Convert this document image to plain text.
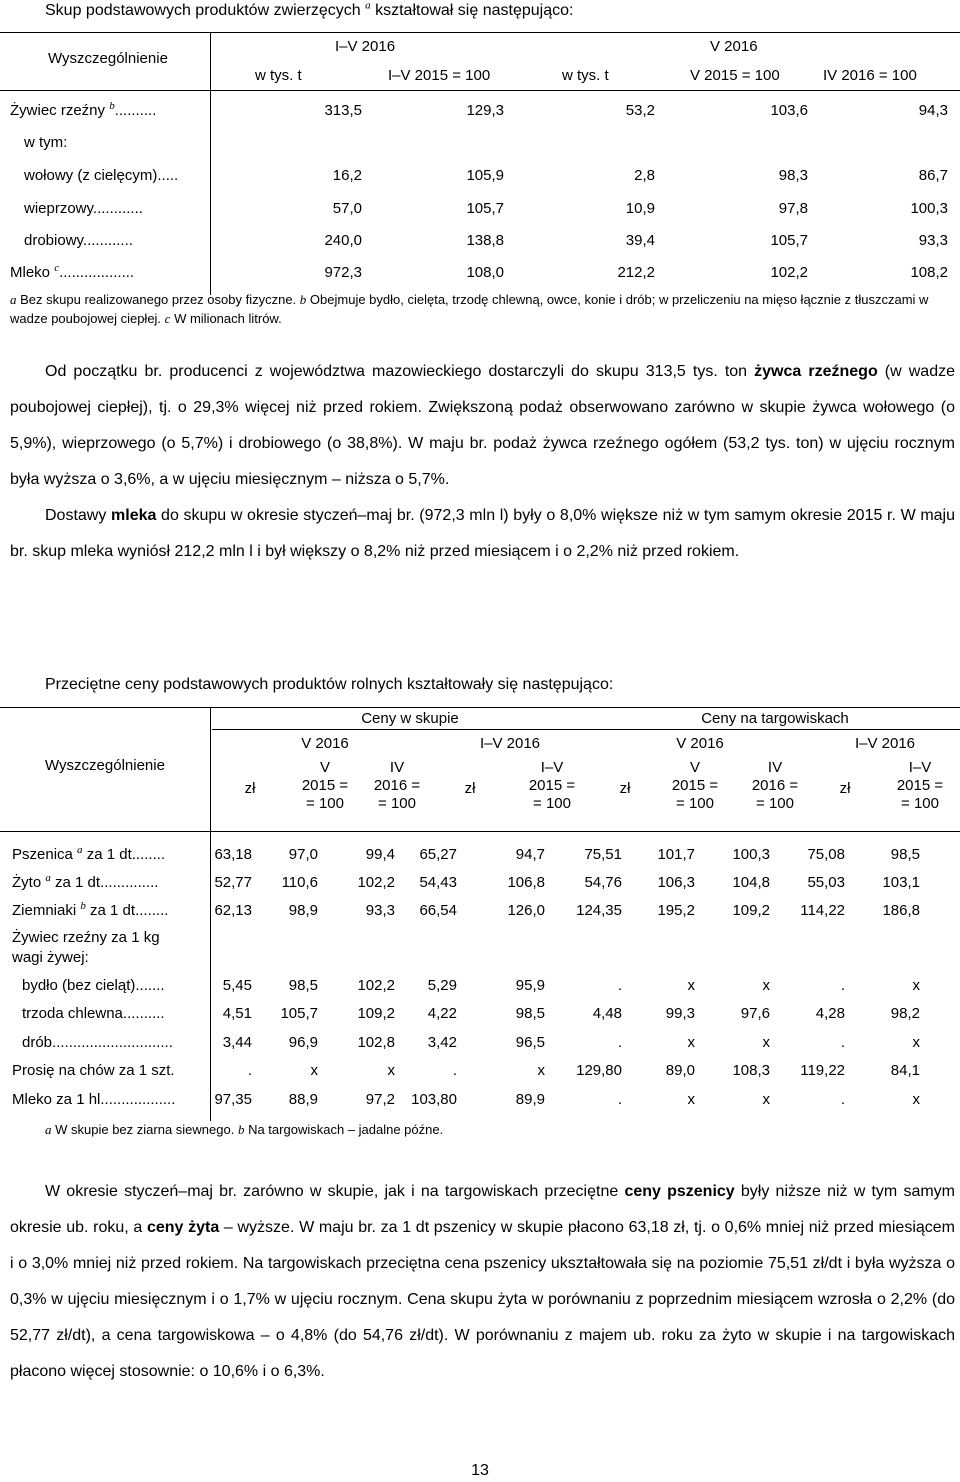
Skup podstawowych produktów zwierzęcych $^a$ kształtował się następująco:
Wyszczególnienie
I–V 2016	V 2016
w tys. t	I–V 2015 = 100	w tys. t	V 2015 = 100	IV 2016 = 100
Żywiec rzeźny $^b$..........	313,5	129,3	53,2	103,6	94,3
w tym:
wołowy (z cielęcym).....	16,2	105,9	2,8	98,3	86,7
wieprzowy............	57,0	105,7	10,9	97,8	100,3
drobiowy............	240,0	138,8	39,4	105,7	93,3
Mleko $^c$..................	972,3	108,0	212,2	102,2	108,2
a Bez skupu realizowanego przez osoby fizyczne. b Obejmuje bydło, cielęta, trzodę chlewną, owce, konie i drób; w przeliczeniu na mięso łącznie z tłuszczami w wadze poubojowej ciepłej. c W milionach litrów.

Od początku br. producenci z województwa mazowieckiego dostarczyli do skupu 313,5 tys. ton żywca rzeźnego (w wadze poubojowej ciepłej), tj. o 29,3% więcej niż przed rokiem. Zwiększoną podaż obserwowano zarówno w skupie żywca wołowego (o 5,9%), wieprzowego (o 5,7%) i drobiowego (o 38,8%). W maju br. podaż żywca rzeźnego ogółem (53,2 tys. ton) w ujęciu rocznym była wyższa o 3,6%, a w ujęciu miesięcznym – niższa o 5,7%.

Dostawy mleka do skupu w okresie styczeń–maj br. (972,3 mln l) były o 8,0% większe niż w tym samym okresie 2015 r. W maju br. skup mleka wyniósł 212,2 mln l i był większy o 8,2% niż przed miesiącem i o 2,2% niż przed rokiem.

Przeciętne ceny podstawowych produktów rolnych kształtowały się następująco:
Ceny w skupie	Ceny na targowiskach
V 2016	I–V 2016	V 2016	I–V 2016
Wyszczególnienie
zł
V
2015 =
= 100
IV
2016 =
= 100
zł
I–V
2015 =
= 100
zł
V
2015 =
= 100
IV
2016 =
= 100
zł
I–V
2015 =
= 100
Pszenica $^a$ za 1 dt........	63,18 97,0	99,4 65,27	94,7	75,51 101,7 100,3 75,08	98,5
Żyto $^a$ za 1 dt..............	52,77 110,6	102,2 54,43	106,8	54,76 106,3 104,8 55,03 103,1
Ziemniaki $^b$ za 1 dt........	62,13 98,9	93,3 66,54	126,0 124,35 195,2 109,2 114,22 186,8
Żywiec rzeźny za 1 kg
wagi żywej:
bydło (bez cieląt).......	5,45 98,5	102,2 5,29	95,9	.	x	x	.	x
trzoda chlewna..........	4,51 105,7	109,2 4,22	98,5	4,48	99,3	97,6	4,28	98,2
drób.............................	3,44 96,9	102,8 3,42	96,5	.	x	x	.	x
Prosię na chów za 1 szt.	.	x	x	.	x 129,80	89,0 108,3 119,22	84,1
Mleko za 1 hl..................	97,35 88,9	97,2 103,80	89,9	.	x	x	.	x
a W skupie bez ziarna siewnego. b Na targowiskach – jadalne późne.

W okresie styczeń–maj br. zarówno w skupie, jak i na targowiskach przeciętne ceny pszenicy były niższe niż w tym samym okresie ub. roku, a ceny żyta – wyższe. W maju br. za 1 dt pszenicy w skupie płacono 63,18 zł, tj. o 0,6% mniej niż przed miesiącem i o 3,0% mniej niż przed rokiem. Na targowiskach przeciętna cena pszenicy ukształtowała się na poziomie 75,51 zł/dt i była wyższa o 0,3% w ujęciu miesięcznym i o 1,7% w ujęciu rocznym. Cena skupu żyta w porównaniu z poprzednim miesiącem wzrosła o 2,2% (do 52,77 zł/dt), a cena targowiskowa – o 4,8% (do 54,76 zł/dt). W porównaniu z majem ub. roku za żyto w skupie i na targowiskach płacono więcej stosownie: o 10,6% i o 6,3%.

13
